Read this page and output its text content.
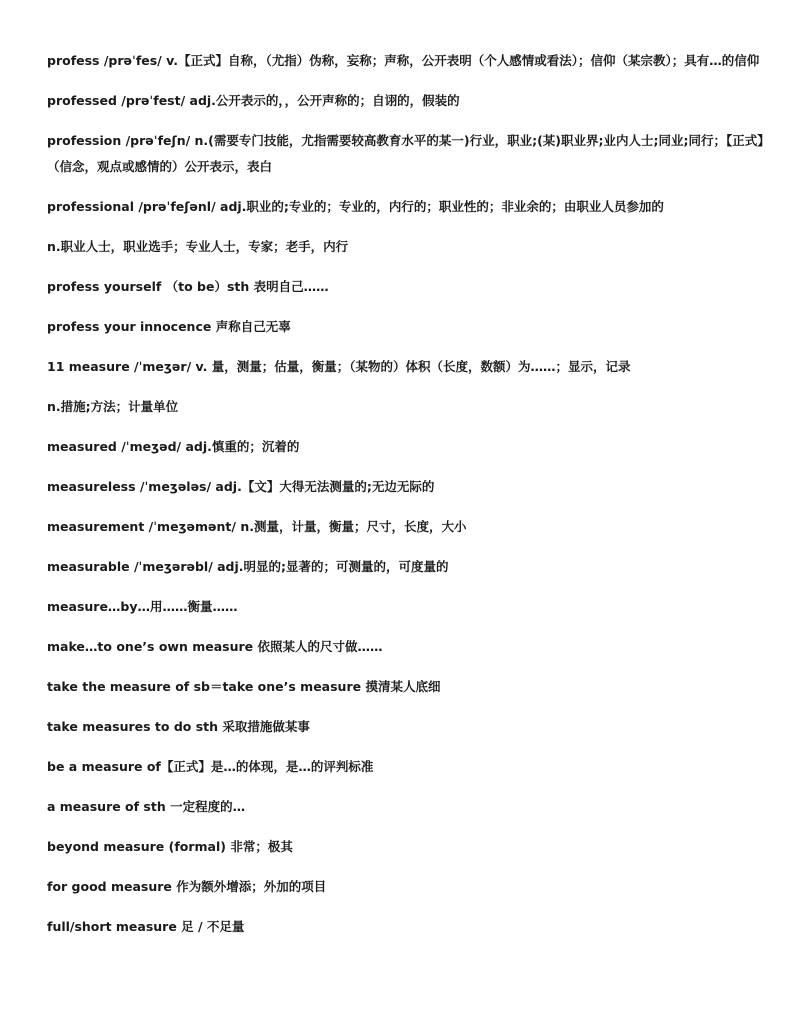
profess /prəˈfes/ v.【正式】自称，（尤指）伪称，妄称；声称，公开表明（个人感情或看法）；信仰（某宗教）；具有…的信仰
professed /prəˈfest/ adj.公开表示的，，公开声称的；自诩的，假装的
profession /prəˈfeʃn/ n.(需要专门技能，尤指需要较高教育水平的某一)行业，职业;(某)职业界;业内人士;同业;同行；【正式】（信念，观点或感情的）公开表示，表白
professional /prəˈfeʃənl/ adj.职业的;专业的；专业的，内行的；职业性的；非业余的；由职业人员参加的
n.职业人士，职业选手；专业人士，专家；老手，内行
profess yourself （to be）sth 表明自己……
profess your innocence 声称自己无辜
11 measure /ˈmeʒər/ v. 量，测量；估量，衡量；（某物的）体积（长度，数额）为……；显示，记录
n.措施;方法；计量单位
measured /ˈmeʒəd/ adj.慎重的；沉着的
measureless /ˈmeʒələs/ adj.【文】大得无法测量的;无边无际的
measurement /ˈmeʒəmənt/ n.测量，计量，衡量；尺寸，长度，大小
measurable /ˈmeʒərəbl/ adj.明显的;显著的；可测量的，可度量的
measure…by…用……衡量……
make…to one’s own measure 依照某人的尺寸做……
take the measure of sb＝take one’s measure 摸清某人底细
take measures to do sth 采取措施做某事
be a measure of【正式】是…的体现，是…的评判标准
a measure of sth 一定程度的…
beyond measure (formal) 非常；极其
for good measure 作为额外增添；外加的项目
full/short measure 足 / 不足量
